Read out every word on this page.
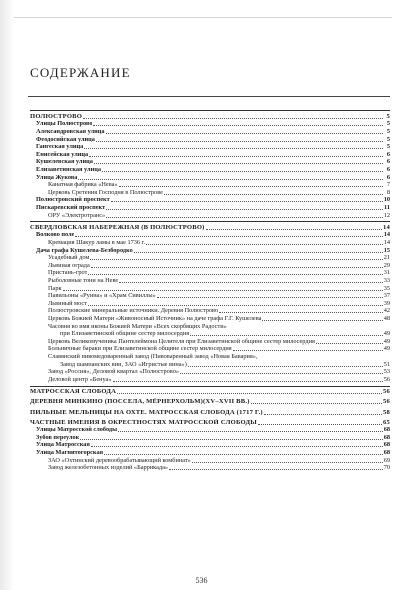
СОДЕРЖАНИЕ
ПОЛЮСТРОВО	5
Улицы Полюстрово	5
Александровская улица	5
Феодосийская улица	5
Гангеская улица	5
Енисейская улица	6
Кушелевская улица	6
Елизаветинская улица	6
Улица Жукова	6
Канатная фабрика «Нева»	7
Церковь Сретения Господня в Полюстрове	8
Полюстровский проспект	10
Пискаревский проспект	11
ОРУ «Электротранс»	12
СВЕРДЛОВСКАЯ НАБЕРЕЖНАЯ (В ПОЛЮСТРОВО)	14
Волково поле	14
Кремация Шакур ламы в мае 1736 г.	14
Дача графа Кушелева-Безбородко	15
Усадебный дом	21
Львиная ограда	29
Пристань-грот	31
Рыболовные тони на Неве	33
Парк	35
Павильоны «Руина» и «Храм Сивиллы»	37
Львиный мост	39
Полюстровские минеральные источники. Деревня Полюстрово	42
Церковь Божией Матери «Живоносный Источник» на даче графа Г.Г. Кушелева	48
Часовня во имя иконы Божией Матери «Всех скорбящих Радости»
при Елизаветинской общине сестер милосердия	49
Церковь Великомученика Пантелеймона Целителя при Елизаветинской общине сестер милосердия	49
Больничные бараки при Елизаветинской общине сестер милосердия	49
Славянский пивомедоваренный завод (Пивоваренный завод «Новая Бавария»,
Завод шампанских вин, ЗАО «Игристые вина»)	51
Завод «Россия», Деловой квартал «Полюстрово»	53
Деловой центр «Бенуа»	56
МАТРОССКАЯ СЛОБОДА	56
ДЕРЕВНЯ МИНКИНО (ПОССЕЛА, МЁРНЕРХОЛЬМ)(XV–XVII ВВ.)	56
ПИЛЬНЫЕ МЕЛЬНИЦЫ НА ОХТЕ. МАТРОССКАЯ СЛОБОДА (1717 Г.)	58
ЧАСТНЫЕ ИМЕНИЯ В ОКРЕСТНОСТЯХ МАТРОССКОЙ СЛОБОДЫ	65
Улицы Матросской слободы	68
Зубов переулок	68
Улица Матросская	68
Улица Магнитогорская	68
ЗАО «Охтинский деревообрабатывающий комбинат»	69
Завод железобетонных изделий «Баррикада»	70
536
